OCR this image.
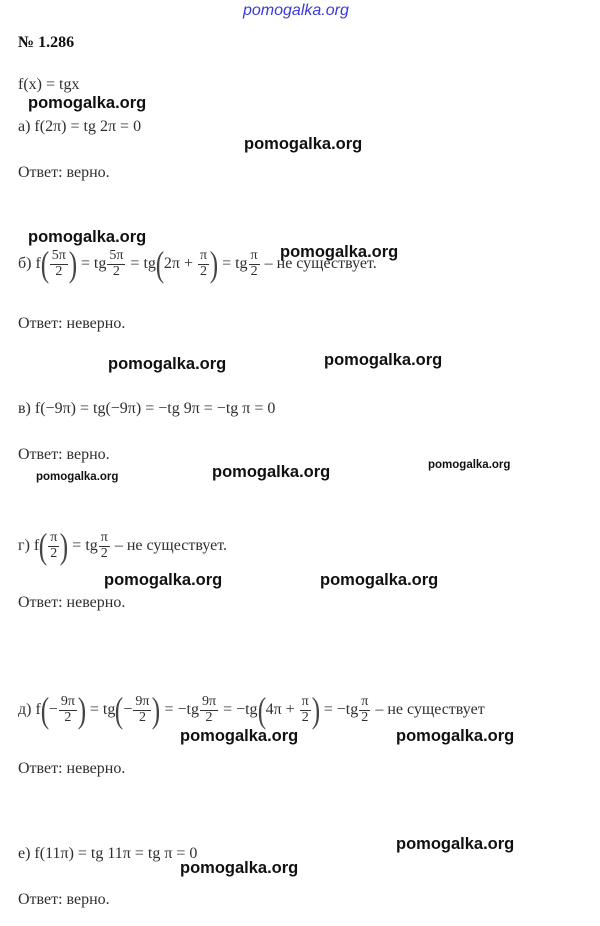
pomogalka.org
pomogalka.org
pomogalka.org
pomogalka.org
pomogalka.org
pomogalka.org	pomogalka.org
pomogalka.org	pomogalka.org	pomogalka.org
pomogalka.org	pomogalka.org
pomogalka.org	pomogalka.org
pomogalka.org
pomogalka.org
№ 1.286
f(x) = tgx
а) f(2π) = tg 2π = 0
Ответ: верно.
б) f ( $\frac{5\pi}{2}$ ) = tg $\frac{5\pi}{2}$ = tg ( $2\pi + \frac{\pi}{2}$ ) = tg $\frac{\pi}{2}$ – не существует.
Ответ: неверно.
в) f(−9π) = tg(−9π) = −tg 9π = −tg π = 0
Ответ: верно.
г) f ( $\frac{\pi}{2}$ ) = tg $\frac{\pi}{2}$ – не существует.
Ответ: неверно.
д) f ( − $\frac{9\pi}{2}$ ) = tg ( − $\frac{9\pi}{2}$ ) = $-tg \frac{9\pi}{2} = -tg$ ( $4\pi + \frac{\pi}{2}$ ) = $-tg \frac{\pi}{2}$ – не существует
Ответ: неверно.
е) f(11π) = tg 11π = tg π = 0
Ответ: верно.
